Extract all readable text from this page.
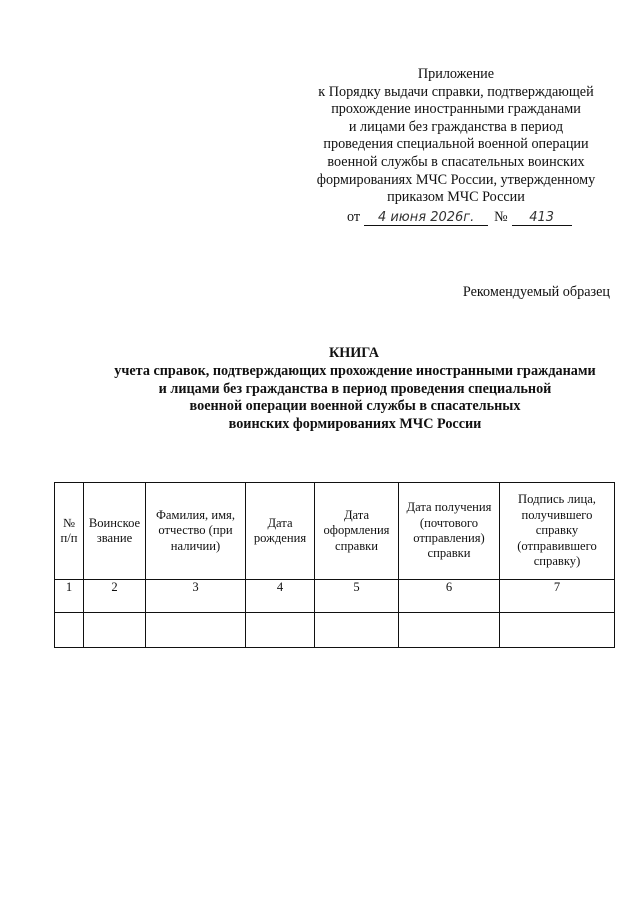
Приложение
к Порядку выдачи справки, подтверждающей
прохождение иностранными гражданами
и лицами без гражданства в период
проведения специальной военной операции
военной службы в спасательных воинских
формированиях МЧС России, утвержденному
приказом МЧС России
от 4 июня 2026г. № 413
Рекомендуемый образец
КНИГА
учета справок, подтверждающих прохождение иностранными гражданами
и лицами без гражданства в период проведения специальной
военной операции военной службы в спасательных
воинских формированиях МЧС России
№ п/п	Воинское звание	Фамилия, имя, отчество (при наличии)	Дата рождения	Дата оформления справки	Дата получения (почтового отправления) справки	Подпись лица, получившего справку (отправившего справку)
1	2	3	4	5	6	7
